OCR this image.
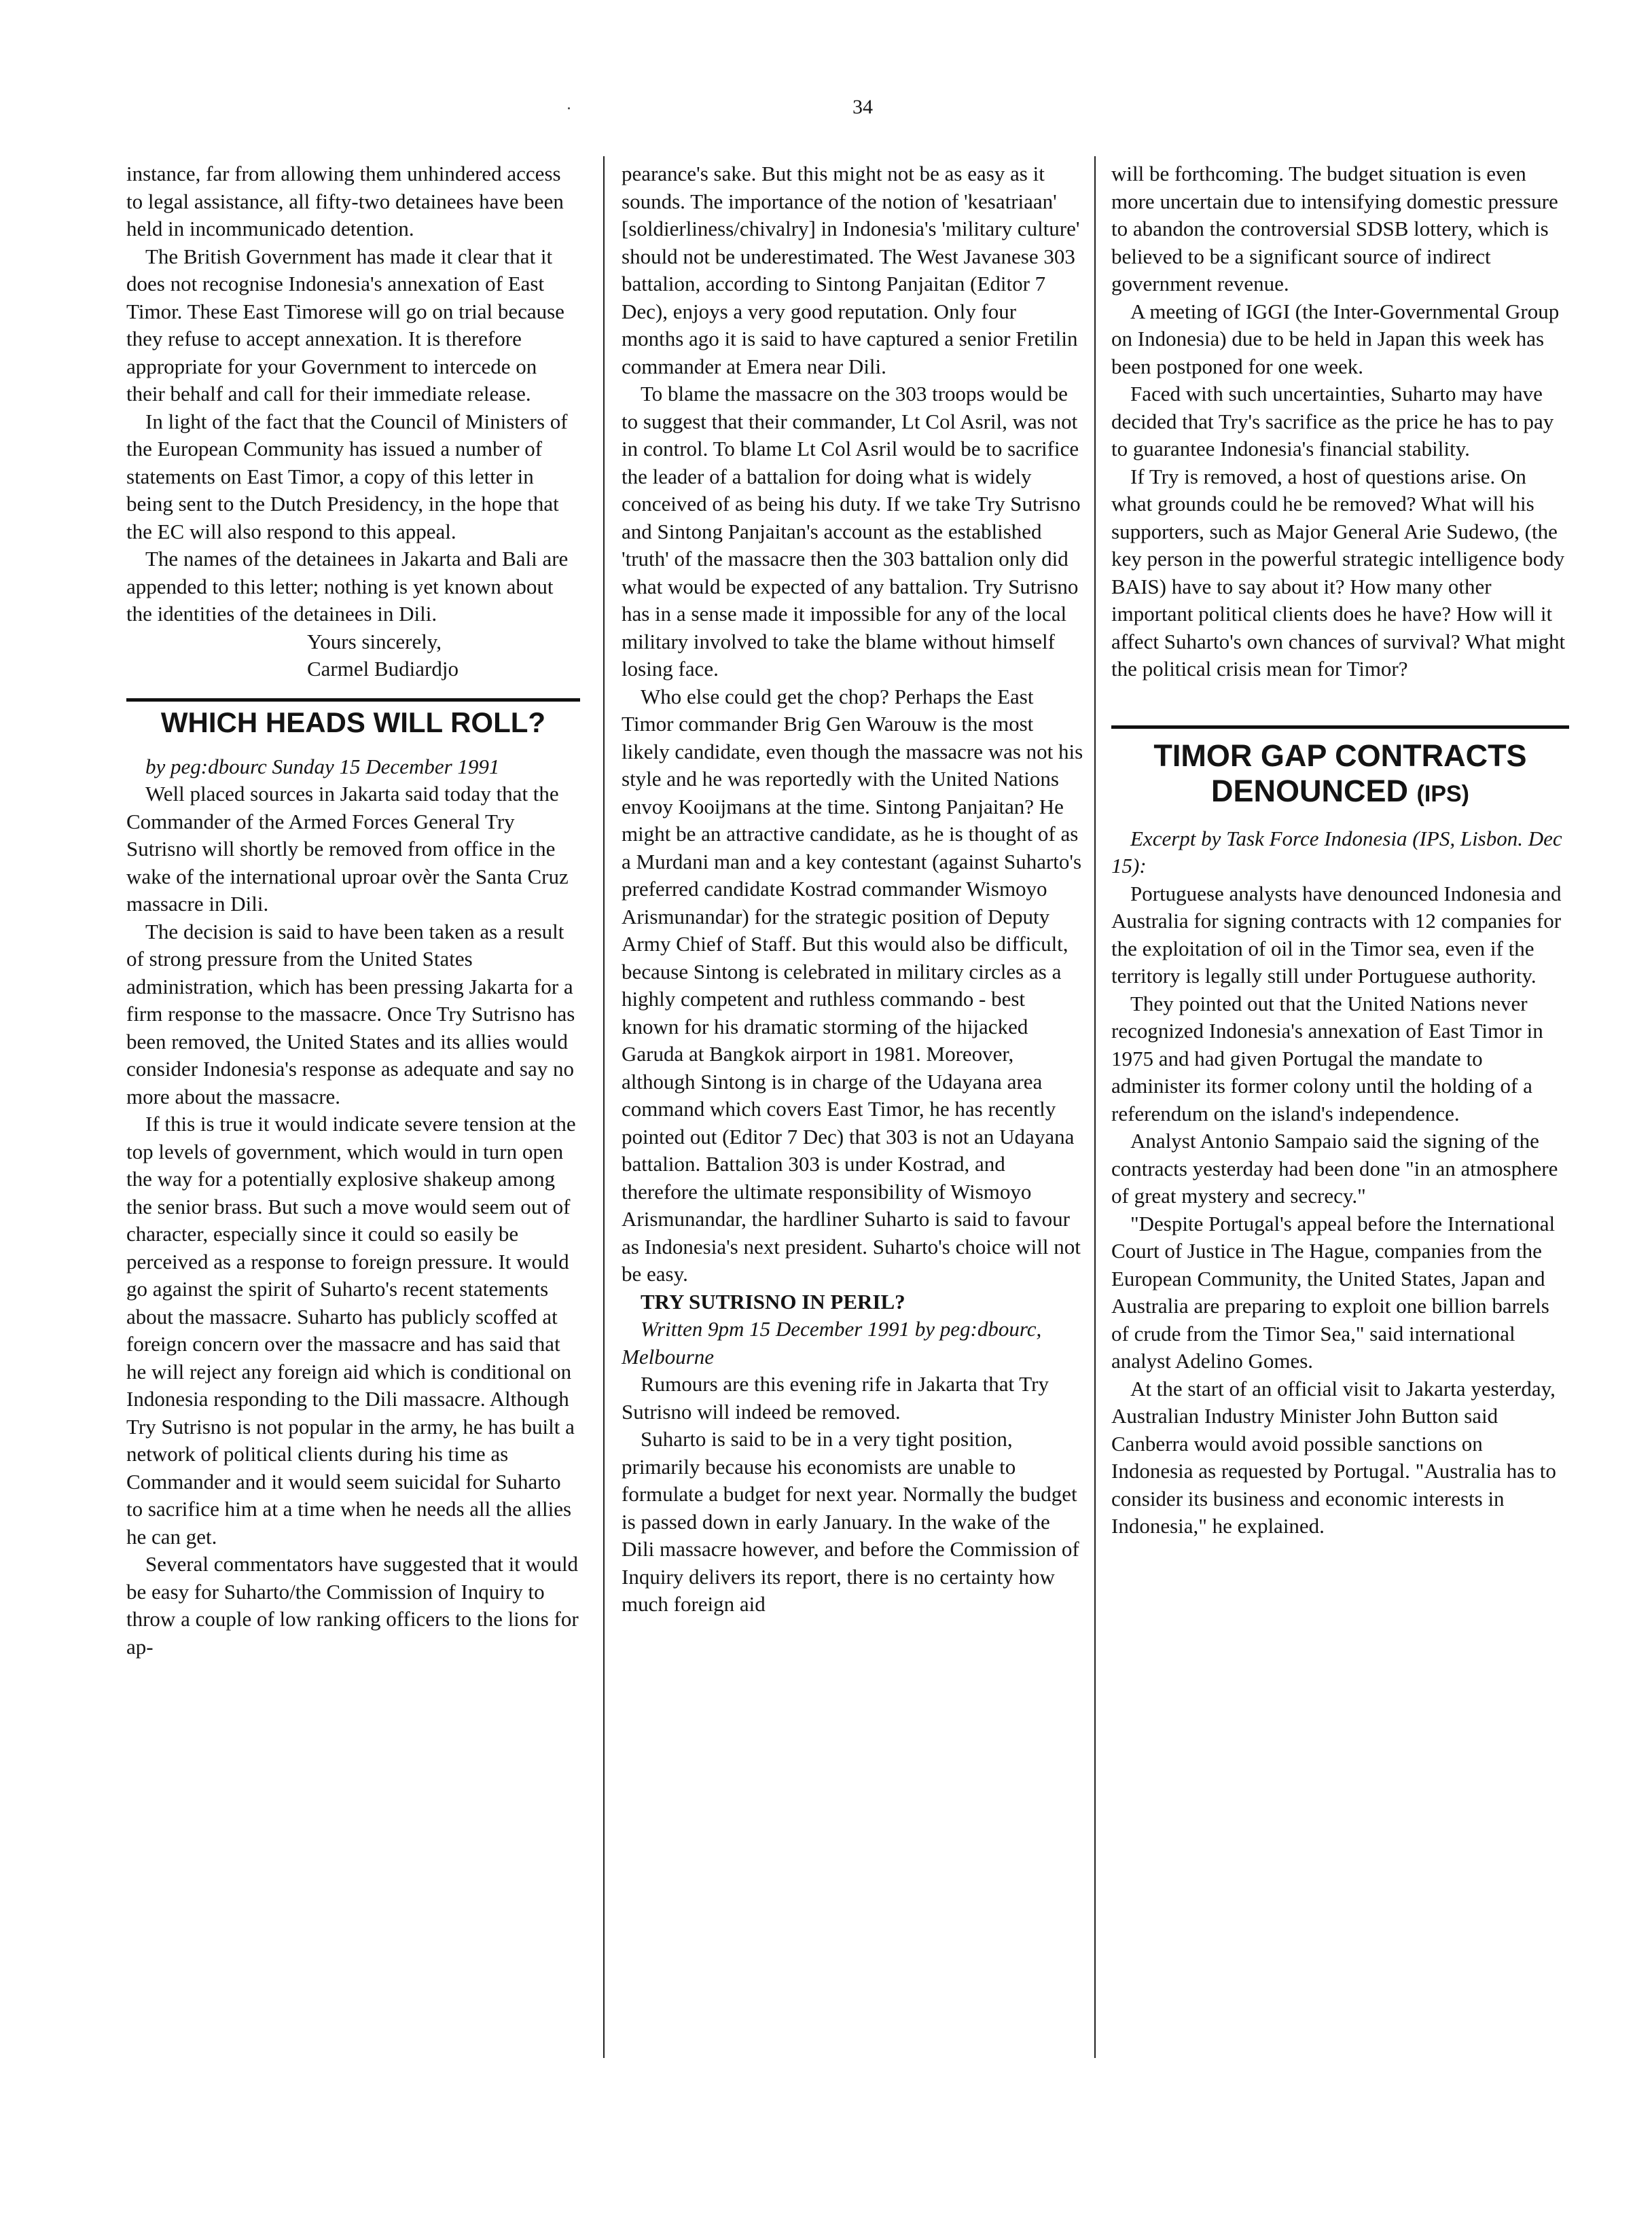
34

instance, far from allowing them unhindered access to legal assistance, all fifty-two detainees have been held in incommunicado detention.

The British Government has made it clear that it does not recognise Indonesia's annexation of East Timor. These East Timorese will go on trial because they refuse to accept annexation. It is therefore appropriate for your Government to intercede on their behalf and call for their immediate release.

In light of the fact that the Council of Ministers of the European Community has issued a number of statements on East Timor, a copy of this letter in being sent to the Dutch Presidency, in the hope that the EC will also respond to this appeal.

The names of the detainees in Jakarta and Bali are appended to this letter; nothing is yet known about the identities of the detainees in Dili.

Yours sincerely,

Carmel Budiardjo

WHICH HEADS WILL ROLL?

by peg:dbourc Sunday 15 December 1991

Well placed sources in Jakarta said today that the Commander of the Armed Forces General Try Sutrisno will shortly be removed from office in the wake of the international uproar ovèr the Santa Cruz massacre in Dili.

The decision is said to have been taken as a result of strong pressure from the United States administration, which has been pressing Jakarta for a firm response to the massacre. Once Try Sutrisno has been removed, the United States and its allies would consider Indonesia's response as adequate and say no more about the massacre.

If this is true it would indicate severe tension at the top levels of government, which would in turn open the way for a potentially explosive shakeup among the senior brass. But such a move would seem out of character, especially since it could so easily be perceived as a response to foreign pressure. It would go against the spirit of Suharto's recent statements about the massacre. Suharto has publicly scoffed at foreign concern over the massacre and has said that he will reject any foreign aid which is conditional on Indonesia responding to the Dili massacre. Although Try Sutrisno is not popular in the army, he has built a network of political clients during his time as Commander and it would seem suicidal for Suharto to sacrifice him at a time when he needs all the allies he can get.

Several commentators have suggested that it would be easy for Suharto/the Commission of Inquiry to throw a couple of low ranking officers to the lions for ap-

pearance's sake. But this might not be as easy as it sounds. The importance of the notion of 'kesatriaan' [soldierliness/chivalry] in Indonesia's 'military culture' should not be underestimated. The West Javanese 303 battalion, according to Sintong Panjaitan (Editor 7 Dec), enjoys a very good reputation. Only four months ago it is said to have captured a senior Fretilin commander at Emera near Dili.

To blame the massacre on the 303 troops would be to suggest that their commander, Lt Col Asril, was not in control. To blame Lt Col Asril would be to sacrifice the leader of a battalion for doing what is widely conceived of as being his duty. If we take Try Sutrisno and Sintong Panjaitan's account as the established 'truth' of the massacre then the 303 battalion only did what would be expected of any battalion. Try Sutrisno has in a sense made it impossible for any of the local military involved to take the blame without himself losing face.

Who else could get the chop? Perhaps the East Timor commander Brig Gen Warouw is the most likely candidate, even though the massacre was not his style and he was reportedly with the United Nations envoy Kooijmans at the time. Sintong Panjaitan? He might be an attractive candidate, as he is thought of as a Murdani man and a key contestant (against Suharto's preferred candidate Kostrad commander Wismoyo Arismunandar) for the strategic position of Deputy Army Chief of Staff. But this would also be difficult, because Sintong is celebrated in military circles as a highly competent and ruthless commando - best known for his dramatic storming of the hijacked Garuda at Bangkok airport in 1981. Moreover, although Sintong is in charge of the Udayana area command which covers East Timor, he has recently pointed out (Editor 7 Dec) that 303 is not an Udayana battalion. Battalion 303 is under Kostrad, and therefore the ultimate responsibility of Wismoyo Arismunandar, the hardliner Suharto is said to favour as Indonesia's next president. Suharto's choice will not be easy.

TRY SUTRISNO IN PERIL?

Written 9pm 15 December 1991 by peg:dbourc, Melbourne

Rumours are this evening rife in Jakarta that Try Sutrisno will indeed be removed.

Suharto is said to be in a very tight position, primarily because his economists are unable to formulate a budget for next year. Normally the budget is passed down in early January. In the wake of the Dili massacre however, and before the Commission of Inquiry delivers its report, there is no certainty how much foreign aid

will be forthcoming. The budget situation is even more uncertain due to intensifying domestic pressure to abandon the controversial SDSB lottery, which is believed to be a significant source of indirect government revenue.

A meeting of IGGI (the Inter-Governmental Group on Indonesia) due to be held in Japan this week has been postponed for one week.

Faced with such uncertainties, Suharto may have decided that Try's sacrifice as the price he has to pay to guarantee Indonesia's financial stability.

If Try is removed, a host of questions arise. On what grounds could he be removed? What will his supporters, such as Major General Arie Sudewo, (the key person in the powerful strategic intelligence body BAIS) have to say about it? How many other important political clients does he have? How will it affect Suharto's own chances of survival? What might the political crisis mean for Timor?

TIMOR GAP CONTRACTS DENOUNCED (IPS)

Excerpt by Task Force Indonesia (IPS, Lisbon. Dec 15):

Portuguese analysts have denounced Indonesia and Australia for signing contracts with 12 companies for the exploitation of oil in the Timor sea, even if the territory is legally still under Portuguese authority.

They pointed out that the United Nations never recognized Indonesia's annexation of East Timor in 1975 and had given Portugal the mandate to administer its former colony until the holding of a referendum on the island's independence.

Analyst Antonio Sampaio said the signing of the contracts yesterday had been done "in an atmosphere of great mystery and secrecy."

"Despite Portugal's appeal before the International Court of Justice in The Hague, companies from the European Community, the United States, Japan and Australia are preparing to exploit one billion barrels of crude from the Timor Sea," said international analyst Adelino Gomes.

At the start of an official visit to Jakarta yesterday, Australian Industry Minister John Button said Canberra would avoid possible sanctions on Indonesia as requested by Portugal. "Australia has to consider its business and economic interests in Indonesia," he explained.
